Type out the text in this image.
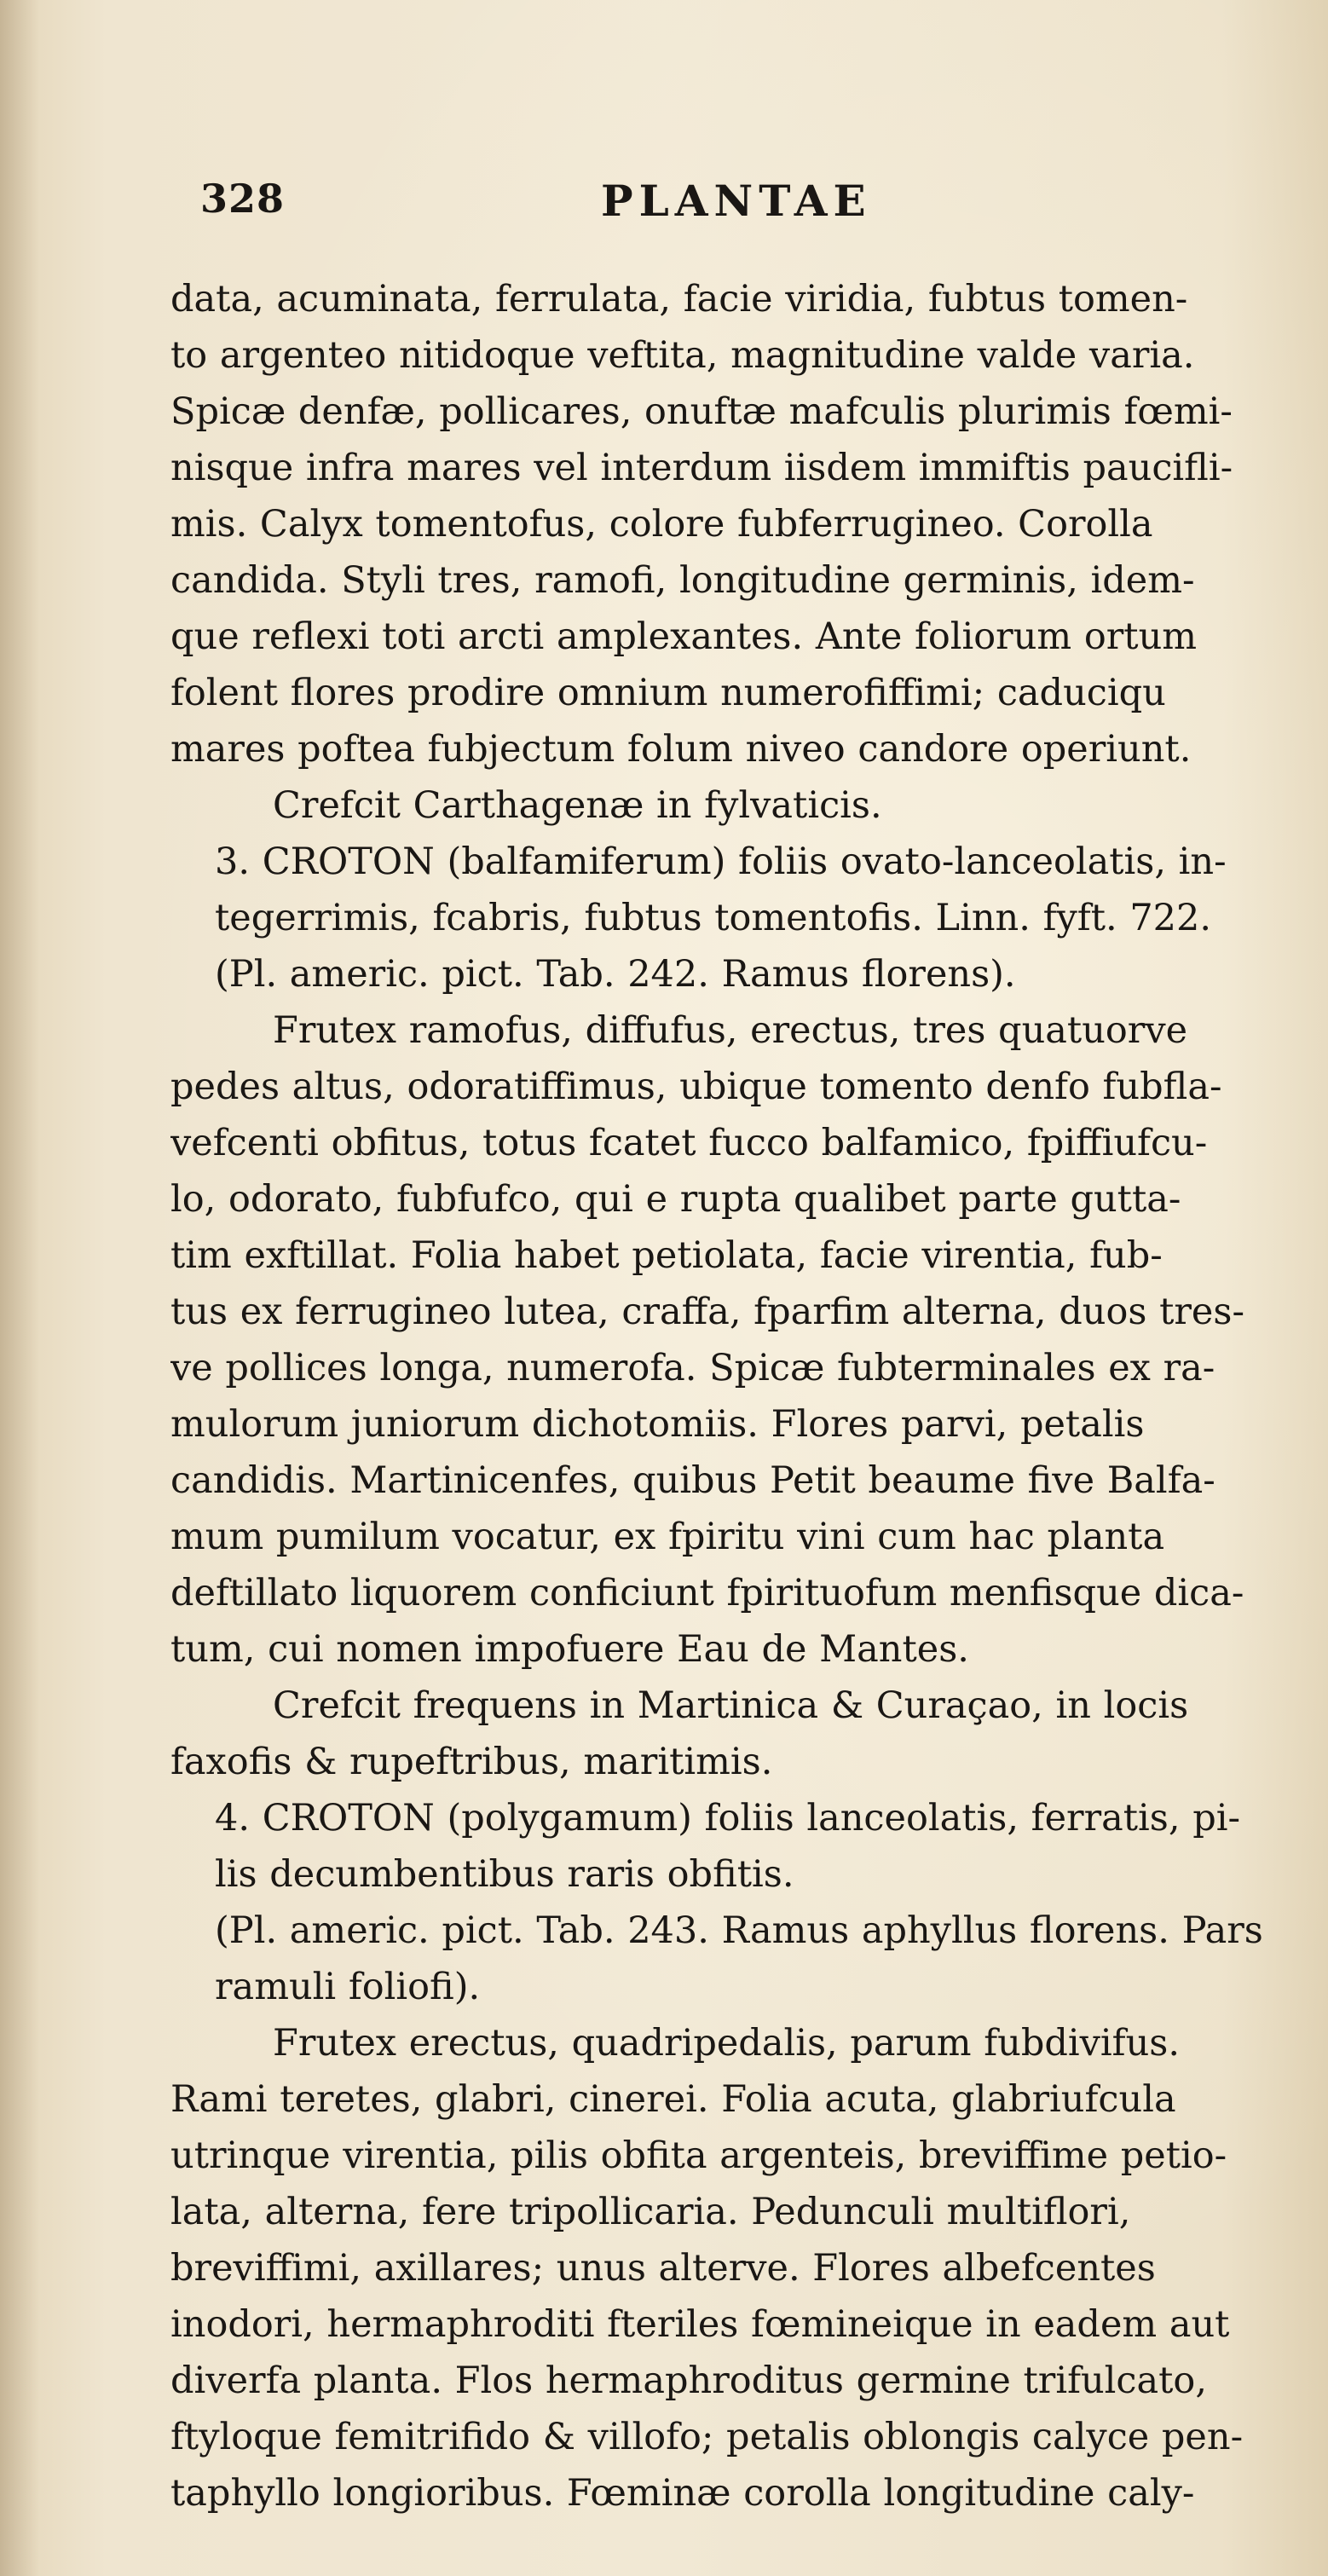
328	PLANTAE
data, acuminata, ferrulata, facie viridia, fubtus tomen-
to argenteo nitidoque veftita, magnitudine valde varia.
Spicæ denfæ, pollicares, onuftæ mafculis plurimis fœmi-
nisque infra mares vel interdum iisdem immiftis paucifli-
mis. Calyx tomentofus, colore fubferrugineo. Corolla
candida. Styli tres, ramofi, longitudine germinis, idem-
que reflexi toti arcti amplexantes. Ante foliorum ortum
folent flores prodire omnium numerofiffimi; caduciqu
mares poftea fubjectum folum niveo candore operiunt.
Crefcit Carthagenæ in fylvaticis.
3. CROTON (balfamiferum) foliis ovato-lanceolatis, in-
tegerrimis, fcabris, fubtus tomentofis. Linn. fyft. 722.
(Pl. americ. pict. Tab. 242. Ramus florens).
Frutex ramofus, diffufus, erectus, tres quatuorve
pedes altus, odoratiffimus, ubique tomento denfo fubfla-
vefcenti obfitus, totus fcatet fucco balfamico, fpiffiufcu-
lo, odorato, fubfufco, qui e rupta qualibet parte gutta-
tim exftillat. Folia habet petiolata, facie virentia, fub-
tus ex ferrugineo lutea, craffa, fparfim alterna, duos tres-
ve pollices longa, numerofa. Spicæ fubterminales ex ra-
mulorum juniorum dichotomiis. Flores parvi, petalis
candidis. Martinicenfes, quibus Petit beaume five Balfa-
mum pumilum vocatur, ex fpiritu vini cum hac planta
deftillato liquorem conficiunt fpirituofum menfisque dica-
tum, cui nomen impofuere Eau de Mantes.
Crefcit frequens in Martinica & Curaçao, in locis
faxofis & rupeftribus, maritimis.
4. CROTON (polygamum) foliis lanceolatis, ferratis, pi-
lis decumbentibus raris obfitis.
(Pl. americ. pict. Tab. 243. Ramus aphyllus florens. Pars
ramuli foliofi).
Frutex erectus, quadripedalis, parum fubdivifus.
Rami teretes, glabri, cinerei. Folia acuta, glabriufcula
utrinque virentia, pilis obfita argenteis, breviffime petio-
lata, alterna, fere tripollicaria. Pedunculi multiflori,
breviffimi, axillares; unus alterve. Flores albefcentes
inodori, hermaphroditi fteriles fœmineique in eadem aut
diverfa planta. Flos hermaphroditus germine trifulcato,
ftyloque femitrifido & villofo; petalis oblongis calyce pen-
taphyllo longioribus. Fœminæ corolla longitudine caly-
